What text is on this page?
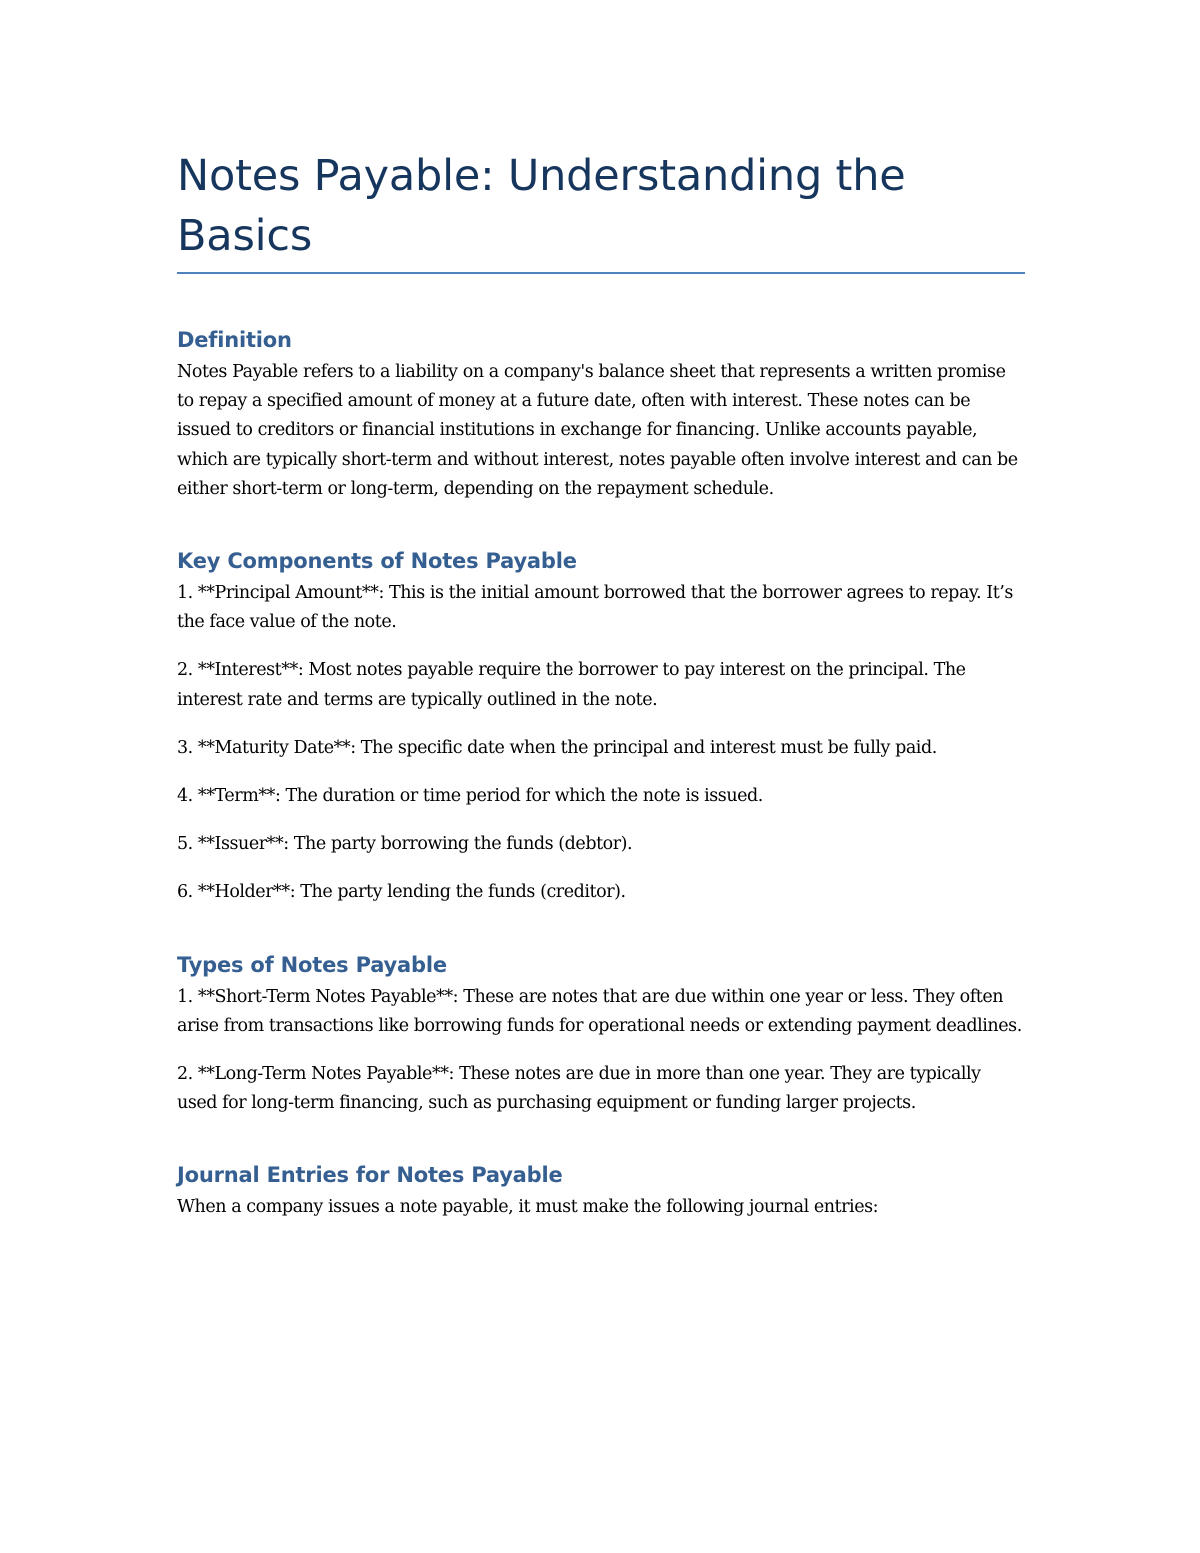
Notes Payable: Understanding the Basics
Definition

Notes Payable refers to a liability on a company's balance sheet that represents a written promise to repay a specified amount of money at a future date, often with interest. These notes can be issued to creditors or financial institutions in exchange for financing. Unlike accounts payable, which are typically short-term and without interest, notes payable often involve interest and can be either short-term or long-term, depending on the repayment schedule.

Key Components of Notes Payable

1. **Principal Amount**: This is the initial amount borrowed that the borrower agrees to repay. It’s the face value of the note.

2. **Interest**: Most notes payable require the borrower to pay interest on the principal. The interest rate and terms are typically outlined in the note.

3. **Maturity Date**: The specific date when the principal and interest must be fully paid.

4. **Term**: The duration or time period for which the note is issued.

5. **Issuer**: The party borrowing the funds (debtor).

6. **Holder**: The party lending the funds (creditor).

Types of Notes Payable

1. **Short-Term Notes Payable**: These are notes that are due within one year or less. They often arise from transactions like borrowing funds for operational needs or extending payment deadlines.

2. **Long-Term Notes Payable**: These notes are due in more than one year. They are typically used for long-term financing, such as purchasing equipment or funding larger projects.

Journal Entries for Notes Payable

When a company issues a note payable, it must make the following journal entries:
